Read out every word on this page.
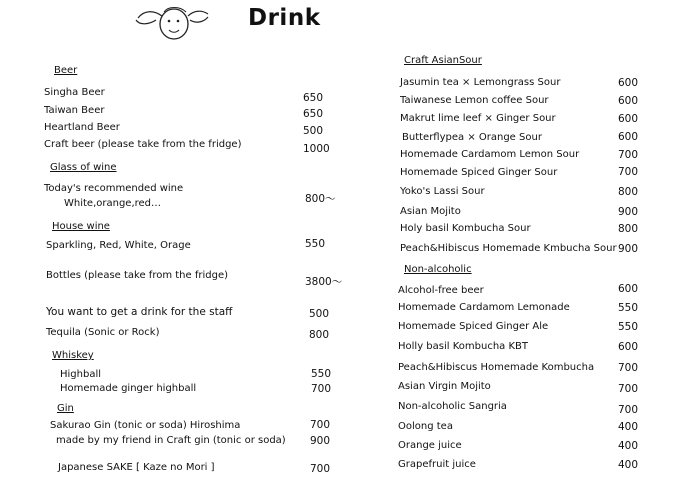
Drink
Beer
Singha Beer	650
Taiwan Beer	650
Heartland Beer	500
Craft beer (please take from the fridge)	1000
Glass of wine
Today's recommended wine
White,orange,red…	800～
House wine
Sparkling, Red, White, Orage	550
Bottles (please take from the fridge)
3800～
You want to get a drink for the staff	500
Tequila (Sonic or Rock)	800
Whiskey
Highball	550
Homemade ginger highball	700
Gin
Sakurao Gin (tonic or soda) Hiroshima	700
made by my friend in Craft gin (tonic or soda) 900
Japanese SAKE [ Kaze no Mori ]	700
Craft AsianSour
Jasumin tea × Lemongrass Sour	600
Taiwanese Lemon coffee Sour	600
Makrut lime leef × Ginger Sour	600
Butterflypea × Orange Sour	600
Homemade Cardamom Lemon Sour	700
Homemade Spiced Ginger Sour	700
Yoko's Lassi Sour	800
Asian Mojito	900
Holy basil Kombucha Sour	800
Peach&Hibiscus Homemade Kmbucha Sour 900
Non-alcoholic
Alcohol-free beer	600
Homemade Cardamom Lemonade	550
Homemade Spiced Ginger Ale	550
Holly basil Kombucha KBT	600
Peach&Hibiscus Homemade Kombucha 700
Asian Virgin Mojito	700
Non-alcoholic Sangria	700
Oolong tea	400
Orange juice	400
Grapefruit juice	400
